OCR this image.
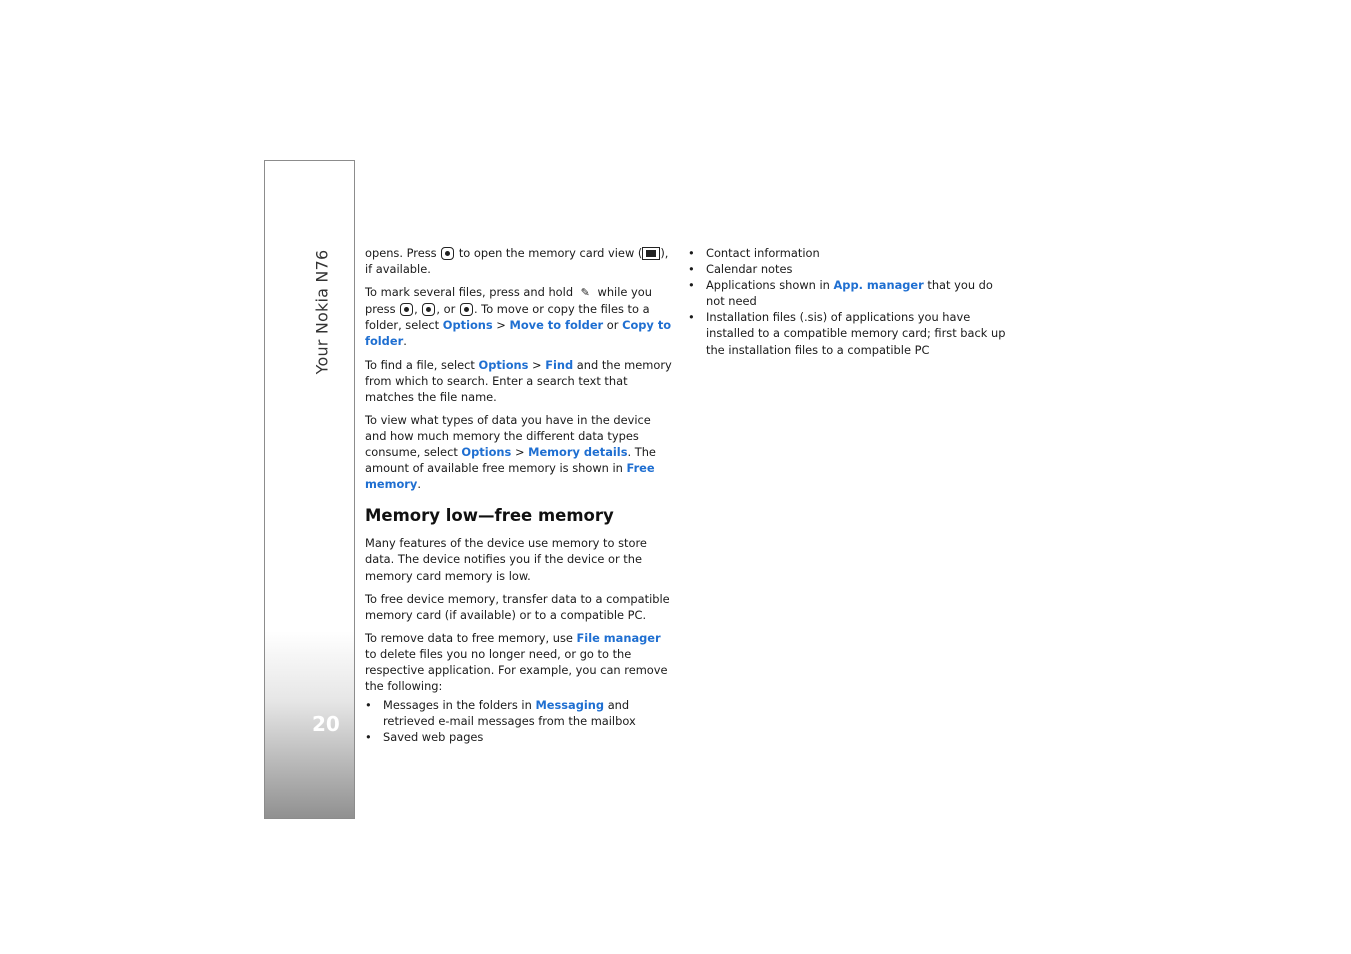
Your Nokia N76
20

opens. Press
to open the memory card view ( ), if available.

To mark several files, press and hold ✎ while you press
,
, or
. To move or copy the files to a folder, select Options > Move to folder or Copy to folder.

To find a file, select Options > Find and the memory from which to search. Enter a search text that matches the file name.

To view what types of data you have in the device and how much memory the different data types consume, select Options > Memory details. The amount of available free memory is shown in Free memory.

Memory low—free memory

Many features of the device use memory to store data. The device notifies you if the device or the memory card memory is low.

To free device memory, transfer data to a compatible memory card (if available) or to a compatible PC.

To remove data to free memory, use File manager to delete files you no longer need, or go to the respective application. For example, you can remove the following:

• Messages in the folders in Messaging and retrieved e-mail messages from the mailbox
• Saved web pages
• Contact information
• Calendar notes
• Applications shown in App. manager that you do not need
• Installation files (.sis) of applications you have installed to a compatible memory card; first back up the installation files to a compatible PC
